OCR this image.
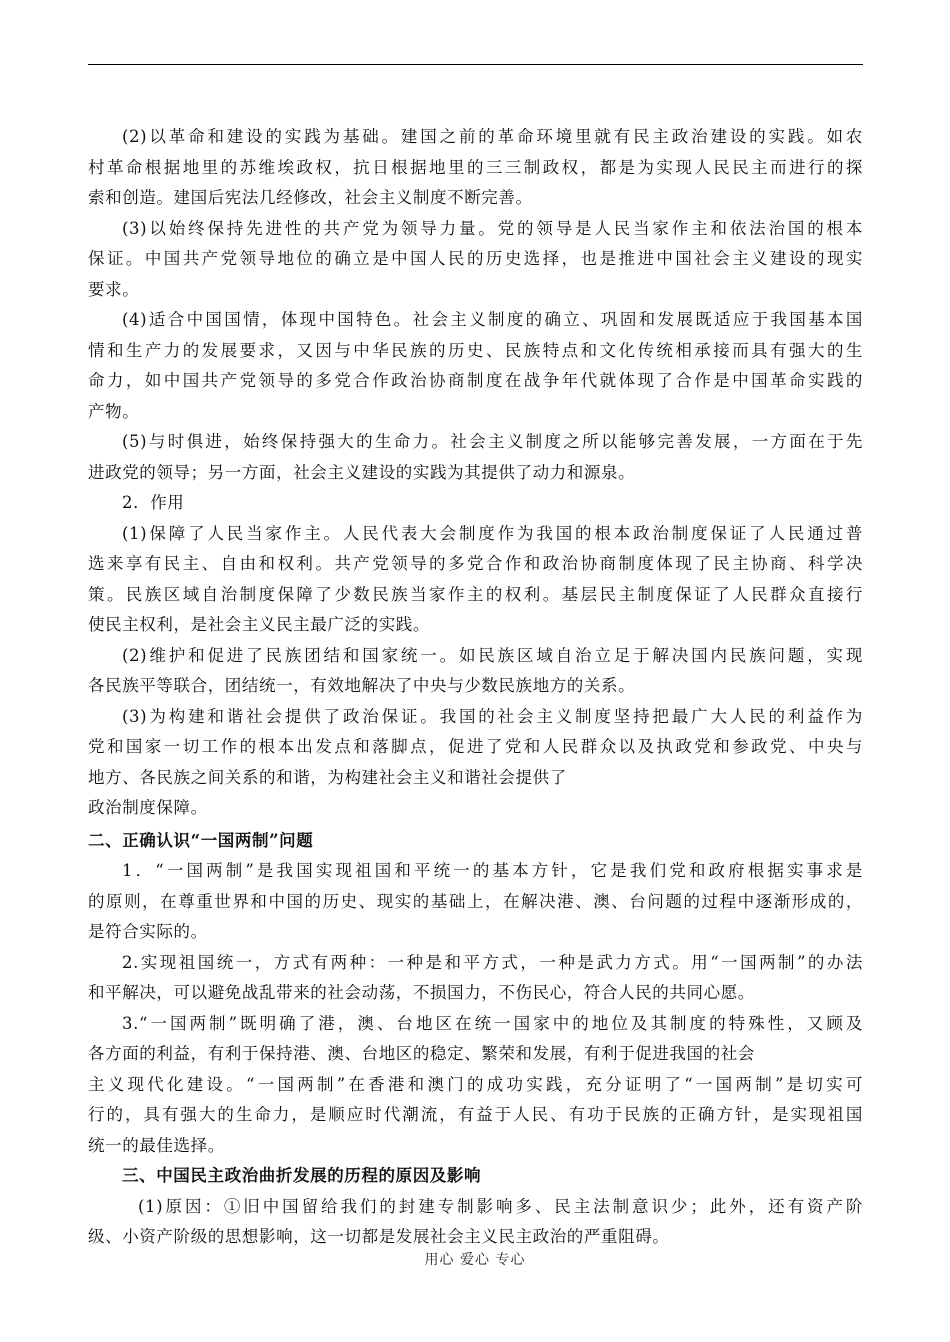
(2)以革命和建设的实践为基础。建国之前的革命环境里就有民主政治建设的实践。如农
村革命根据地里的苏维埃政权，抗日根据地里的三三制政权，都是为实现人民民主而进行的探
索和创造。建国后宪法几经修改，社会主义制度不断完善。
(3)以始终保持先进性的共产党为领导力量。党的领导是人民当家作主和依法治国的根本
保证。中国共产党领导地位的确立是中国人民的历史选择，也是推进中国社会主义建设的现实
要求。
(4)适合中国国情，体现中国特色。社会主义制度的确立、巩固和发展既适应于我国基本国
情和生产力的发展要求，又因与中华民族的历史、民族特点和文化传统相承接而具有强大的生
命力，如中国共产党领导的多党合作政治协商制度在战争年代就体现了合作是中国革命实践的
产物。
(5)与时俱进，始终保持强大的生命力。社会主义制度之所以能够完善发展，一方面在于先
进政党的领导；另一方面，社会主义建设的实践为其提供了动力和源泉。
2．作用
(1)保障了人民当家作主。人民代表大会制度作为我国的根本政治制度保证了人民通过普
选来享有民主、自由和权利。共产党领导的多党合作和政治协商制度体现了民主协商、科学决
策。民族区域自治制度保障了少数民族当家作主的权利。基层民主制度保证了人民群众直接行
使民主权利，是社会主义民主最广泛的实践。
(2)维护和促进了民族团结和国家统一。如民族区域自治立足于解决国内民族问题，实现
各民族平等联合，团结统一，有效地解决了中央与少数民族地方的关系。
(3)为构建和谐社会提供了政治保证。我国的社会主义制度坚持把最广大人民的利益作为
党和国家一切工作的根本出发点和落脚点，促进了党和人民群众以及执政党和参政党、中央与
地方、各民族之间关系的和谐，为构建社会主义和谐社会提供了
政治制度保障。
二、正确认识“一国两制”问题
1．“一国两制”是我国实现祖国和平统一的基本方针，它是我们党和政府根据实事求是
的原则，在尊重世界和中国的历史、现实的基础上，在解决港、澳、台问题的过程中逐渐形成的，
是符合实际的。
2.实现祖国统一，方式有两种：一种是和平方式，一种是武力方式。用“一国两制”的办法
和平解决，可以避免战乱带来的社会动荡，不损国力，不伤民心，符合人民的共同心愿。
3.“一国两制”既明确了港，澳、台地区在统一国家中的地位及其制度的特殊性，又顾及
各方面的利益，有利于保持港、澳、台地区的稳定、繁荣和发展，有利于促进我国的社会
主义现代化建设。“一国两制”在香港和澳门的成功实践，充分证明了“一国两制”是切实可
行的，具有强大的生命力，是顺应时代潮流，有益于人民、有功于民族的正确方针，是实现祖国
统一的最佳选择。
三、中国民主政治曲折发展的历程的原因及影响
(1)原因：①旧中国留给我们的封建专制影响多、民主法制意识少；此外，还有资产阶
级、小资产阶级的思想影响，这一切都是发展社会主义民主政治的严重阻碍。
用心 爱心 专心
